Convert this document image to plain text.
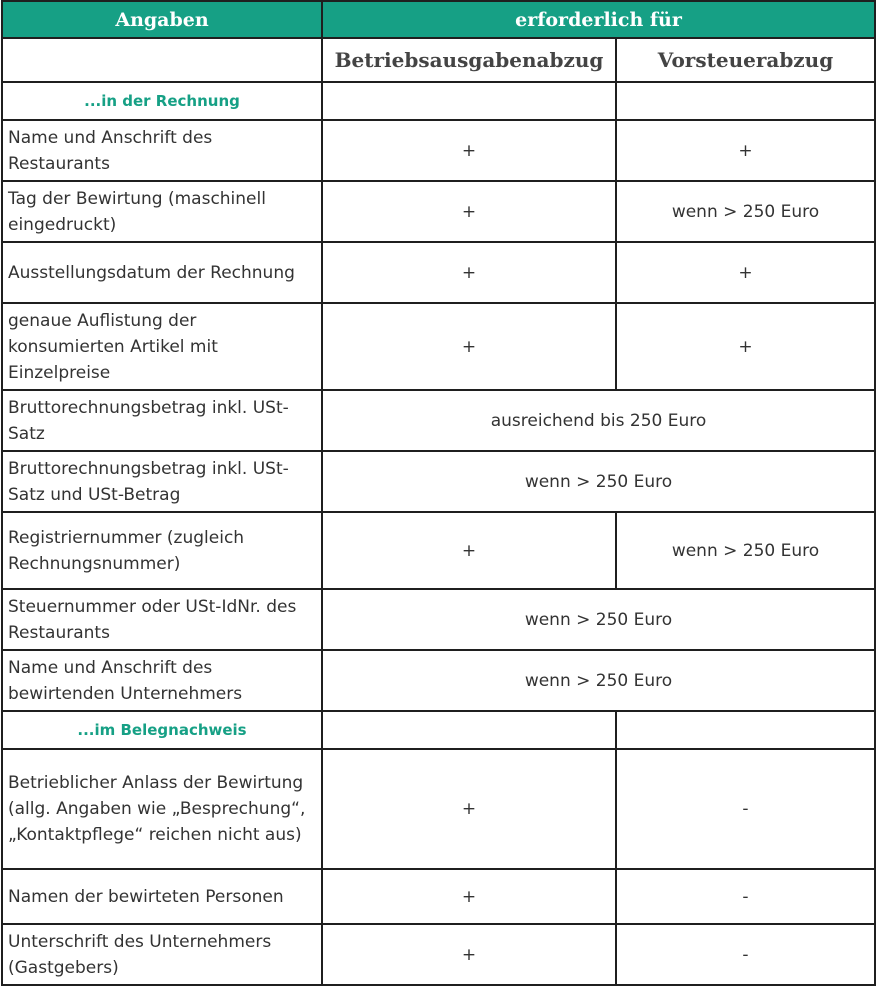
Angaben	erforderlich für	
	Betriebsausgabenabzug	Vorsteuerabzug
...in der Rechnung		
Name und Anschrift des Restaurants	+	+
Tag der Bewirtung (maschinell eingedruckt)	+	wenn > 250 Euro
Ausstellungsdatum der Rechnung	+	+
genaue Auflistung der konsumierten Artikel mit Einzelpreise	+	+
Bruttorechnungsbetrag inkl. USt-Satz	ausreichend bis 250 Euro	
Bruttorechnungsbetrag inkl. USt-Satz und USt-Betrag	wenn > 250 Euro	
Registriernummer (zugleich Rechnungsnummer)	+	wenn > 250 Euro
Steuernummer oder USt-IdNr. des Restaurants	wenn > 250 Euro	
Name und Anschrift des bewirtenden Unternehmers	wenn > 250 Euro	
...im Belegnachweis		
Betrieblicher Anlass der Bewirtung (allg. Angaben wie „Besprechung“, „Kontaktpflege“ reichen nicht aus)	+	-
Namen der bewirteten Personen	+	-
Unterschrift des Unternehmers (Gastgebers)	+	-
